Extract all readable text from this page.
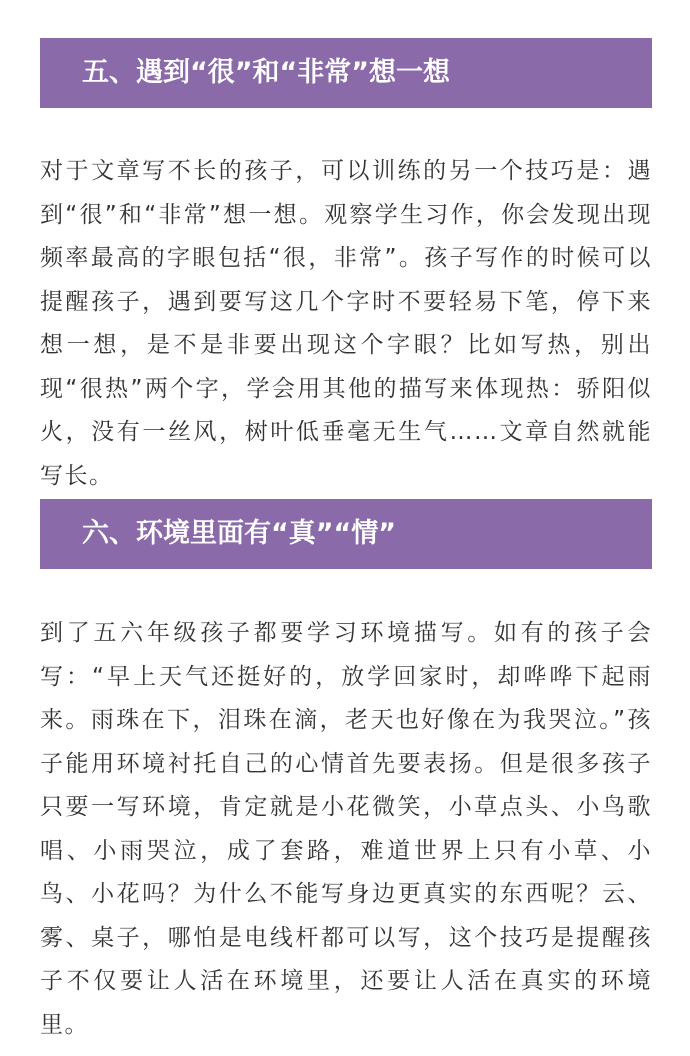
五、遇到“很”和“非常”想一想

对于文章写不长的孩子，可以训练的另一个技巧是：遇到“很”和“非常”想一想。观察学生习作，你会发现出现频率最高的字眼包括“很，非常”。孩子写作的时候可以提醒孩子，遇到要写这几个字时不要轻易下笔，停下来想一想，是不是非要出现这个字眼？比如写热，别出现“很热”两个字，学会用其他的描写来体现热：骄阳似火，没有一丝风，树叶低垂毫无生气……文章自然就能写长。

六、环境里面有“真”“情”

到了五六年级孩子都要学习环境描写。如有的孩子会写：“早上天气还挺好的，放学回家时，却哗哗下起雨来。雨珠在下，泪珠在滴，老天也好像在为我哭泣。”孩子能用环境衬托自己的心情首先要表扬。但是很多孩子只要一写环境，肯定就是小花微笑，小草点头、小鸟歌唱、小雨哭泣，成了套路，难道世界上只有小草、小鸟、小花吗？为什么不能写身边更真实的东西呢？云、雾、桌子，哪怕是电线杆都可以写，这个技巧是提醒孩子不仅要让人活在环境里，还要让人活在真实的环境里。
